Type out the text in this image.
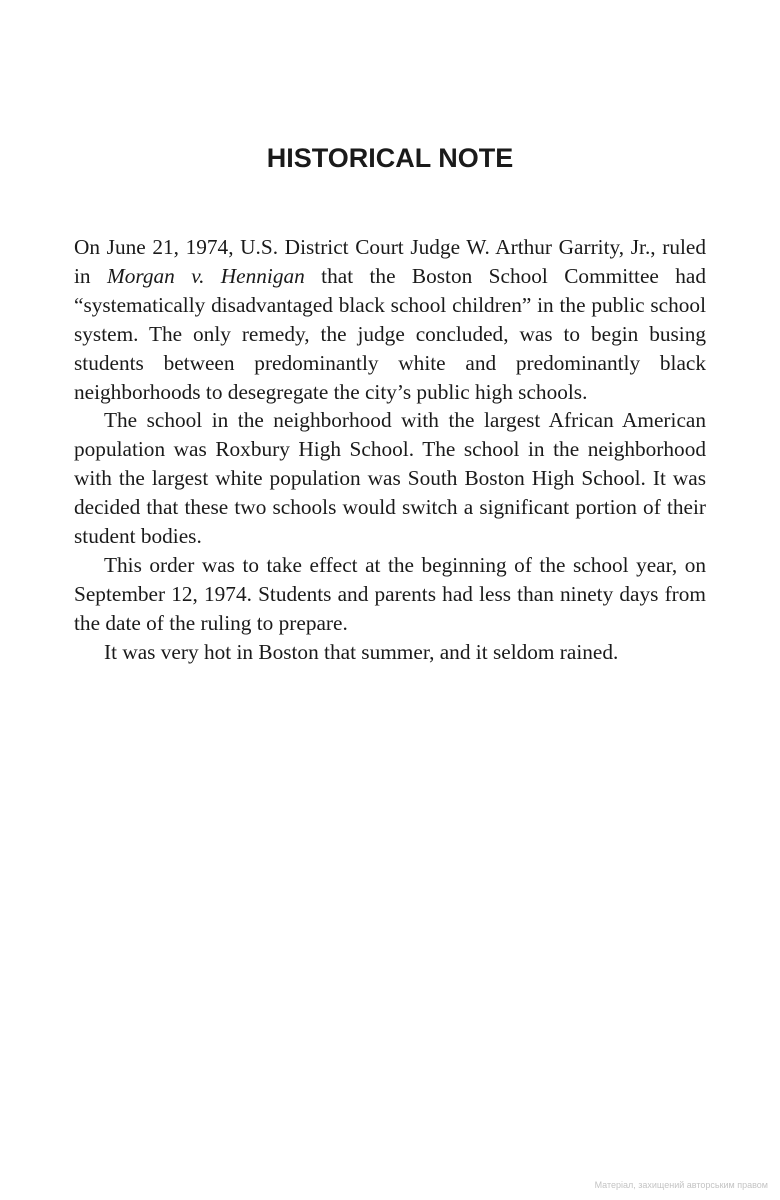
HISTORICAL NOTE

On June 21, 1974, U.S. District Court Judge W. Arthur Garrity, Jr., ruled in Morgan v. Hennigan that the Boston School Committee had “systematically disadvantaged black school children” in the public school system. The only remedy, the judge concluded, was to begin busing students between predominantly white and predominantly black neighborhoods to desegregate the city’s public high schools.

The school in the neighborhood with the largest African American population was Roxbury High School. The school in the neighborhood with the largest white population was South Boston High School. It was decided that these two schools would switch a significant portion of their student bodies.

This order was to take effect at the beginning of the school year, on September 12, 1974. Students and parents had less than ninety days from the date of the ruling to prepare.

It was very hot in Boston that summer, and it seldom rained.

Матеріал, захищений авторським правом
